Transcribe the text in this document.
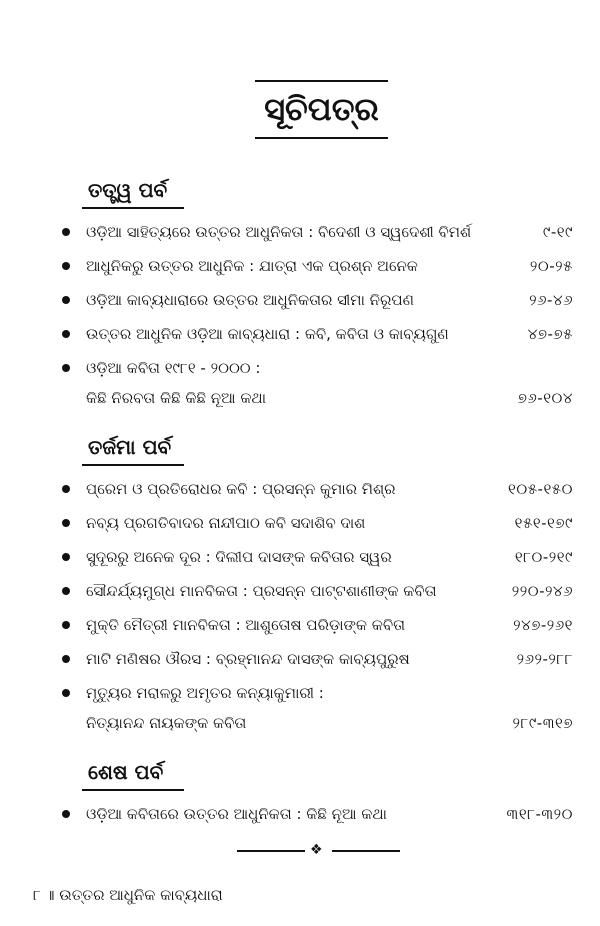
ସୂଚିପତ୍ର
ତତ୍ତ୍ୱ ପର୍ବ
ଓଡ଼ିଆ ସାହିତ୍ୟରେ ଉତ୍ତର ଆଧୁନିକତା : ବିଦେଶୀ ଓ ସ୍ୱଦେଶୀ ବିମର୍ଶ	୯-୧୯
ଆଧୁନିକରୁ ଉତ୍ତର ଆଧୁନିକ : ଯାତ୍ରା ଏକ ପ୍ରଶ୍ନ ଅନେକ	୨୦-୨୫
ଓଡ଼ିଆ କାବ୍ୟଧାରାରେ ଉତ୍ତର ଆଧୁନିକତାର ସୀମା ନିରୂପଣ	୨୬-୪୬
ଉତ୍ତର ଆଧୁନିକ ଓଡ଼ିଆ କାବ୍ୟଧାରା : କବି, କବିତା ଓ କାବ୍ୟଗୁଣ	୪୭-୭୫
ଓଡ଼ିଆ କବିତା ୧୯୮୧ - ୨୦୦୦ :
କିଛି ନିରବତା କିଛି କିଛି ନୂଆ କଥା	୭୬-୧୦୪
ତର୍ଜମା ପର୍ବ
ପ୍ରେମ ଓ ପ୍ରତିରୋଧର କବି : ପ୍ରସନ୍ନ କୁମାର ମିଶ୍ର	୧୦୫-୧୫୦
ନବ୍ୟ ପ୍ରଗତିବାଦର ନାନ୍ଦୀପାଠ କବି ସଦାଶିବ ଦାଶ	୧୫୧-୧୭୯
ସୁଦୂରରୁ ଅନେକ ଦୂର : ଦିଲୀପ ଦାସଙ୍କ କବିତାର ସ୍ୱର	୧୮୦-୨୧୯
ସୌନ୍ଦର୍ଯ୍ୟମୁଗ୍ଧ ମାନବିକତା : ପ୍ରସନ୍ନ ପାଟ୍ଟଶାଣୀଙ୍କ କବିତା	୨୨୦-୨୪୬
ମୁକ୍ତି ମୈତ୍ରୀ ମାନବିକତା : ଆଶୁତୋଷ ପରିଡ଼ାଙ୍କ କବିତା	୨୪୭-୨୬୧
ମାଟି ମଣିଷର ଔରସ : ବ୍ରହ୍ମାନନ୍ଦ ଦାସଙ୍କ କାବ୍ୟପୁରୁଷ	୨୬୨-୨୮୮
ମୃତ୍ୟୁର ମରାଳରୁ ଅମୃତର କନ୍ୟାକୁମାରୀ :
ନିତ୍ୟାନନ୍ଦ ନାୟକଙ୍କ କବିତା	୨୮୯-୩୧୭
ଶେଷ ପର୍ବ
ଓଡ଼ିଆ କବିତାରେ ଉତ୍ତର ଆଧୁନିକତା : କିଛି ନୂଆ କଥା	୩୧୮-୩୨୦
❖
୮ ॥ ଉତ୍ତର ଆଧୁନିକ କାବ୍ୟଧାରା
